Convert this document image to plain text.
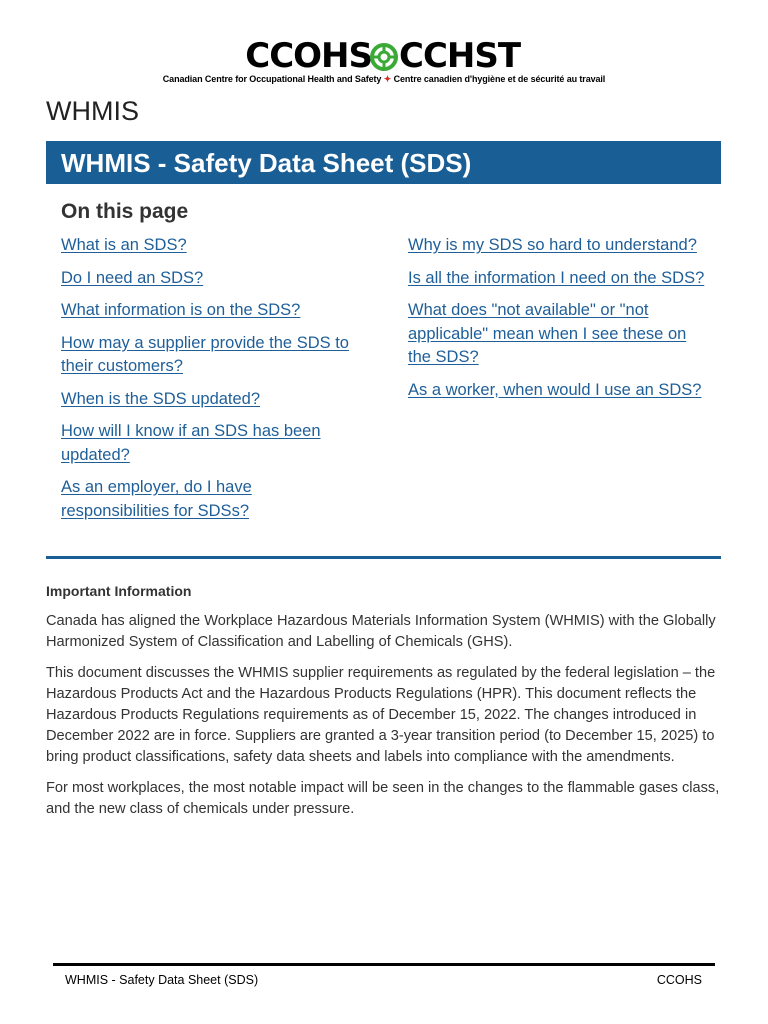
CCOHS CCHST
Canadian Centre for Occupational Health and Safety ✦ Centre canadien d'hygiène et de sécurité au travail
WHMIS
WHMIS - Safety Data Sheet (SDS)
On this page
What is an SDS?
Do I need an SDS?
What information is on the SDS?
How may a supplier provide the SDS to their customers?
When is the SDS updated?
How will I know if an SDS has been updated?
As an employer, do I have responsibilities for SDSs?
Why is my SDS so hard to understand?
Is all the information I need on the SDS?
What does "not available" or "not applicable" mean when I see these on the SDS?
As a worker, when would I use an SDS?
Important Information

Canada has aligned the Workplace Hazardous Materials Information System (WHMIS) with the Globally Harmonized System of Classification and Labelling of Chemicals (GHS).

This document discusses the WHMIS supplier requirements as regulated by the federal legislation – the Hazardous Products Act and the Hazardous Products Regulations (HPR). This document reflects the Hazardous Products Regulations requirements as of December 15, 2022. The changes introduced in December 2022 are in force. Suppliers are granted a 3-year transition period (to December 15, 2025) to bring product classifications, safety data sheets and labels into compliance with the amendments.

For most workplaces, the most notable impact will be seen in the changes to the flammable gases class, and the new class of chemicals under pressure.

WHMIS - Safety Data Sheet (SDS)	CCOHS
